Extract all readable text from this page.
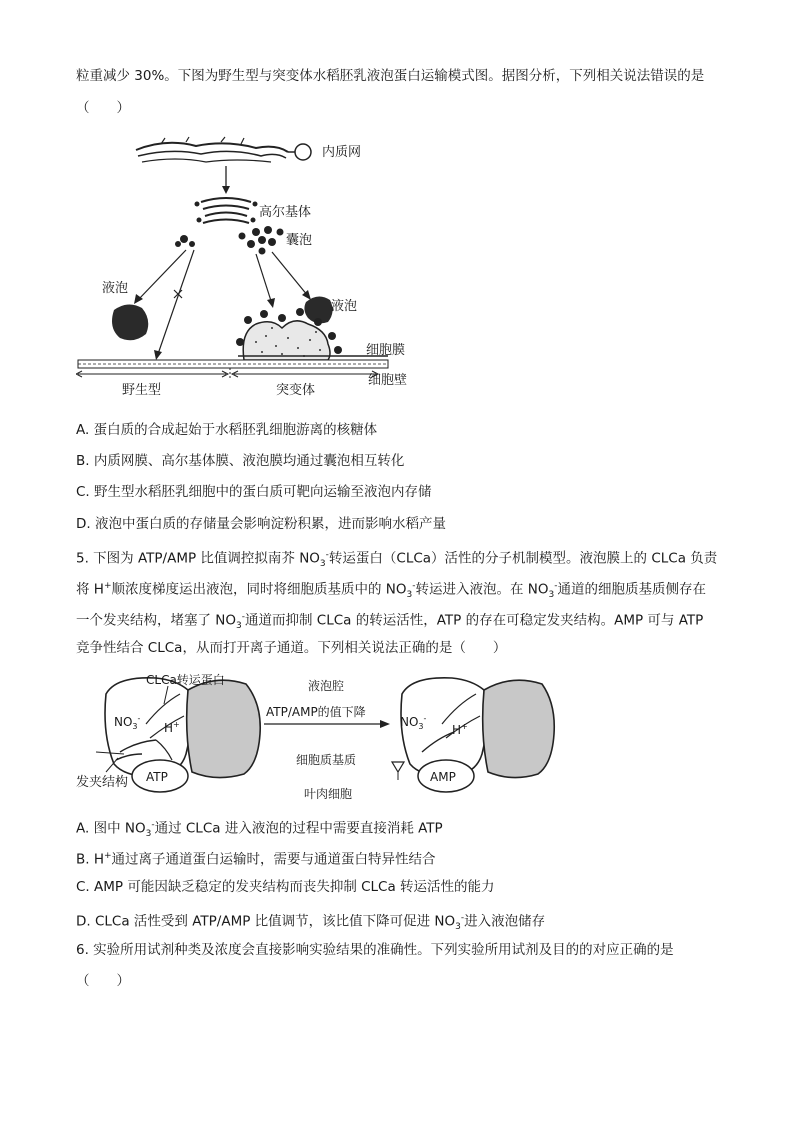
粒重减少 30%。下图为野生型与突变体水稻胚乳液泡蛋白运输模式图。据图分析，下列相关说法错误的是
（　　）
内质网
高尔基体
囊泡
液泡
液泡
细胞膜
野生型	突变体
细胞壁
A. 蛋白质的合成起始于水稻胚乳细胞游离的核糖体
B. 内质网膜、高尔基体膜、液泡膜均通过囊泡相互转化
C. 野生型水稻胚乳细胞中的蛋白质可靶向运输至液泡内存储
D. 液泡中蛋白质的存储量会影响淀粉积累，进而影响水稻产量
5. 下图为 ATP/AMP 比值调控拟南芥 $NO_3^-$转运蛋白（CLCa）活性的分子机制模型。液泡膜上的 CLCa 负责
将 H+顺浓度梯度运出液泡，同时将细胞质基质中的 $NO_3^-$转运进入液泡。在 $NO_3^-$通道的细胞质基质侧存在
一个发夹结构，堵塞了 $NO_3^-$通道而抑制 CLCa 的转运活性，ATP 的存在可稳定发夹结构。AMP 可与 ATP
竞争性结合 CLCa，从而打开离子通道。下列相关说法正确的是（　　）
CLCa转运蛋白
$NO_3^-$
H+
ATP
发夹结构
液泡腔
ATP/AMP的值下降
细胞质基质
叶肉细胞
$NO_3^-$
H+
AMP
A. 图中 $NO_3^-$通过 CLCa 进入液泡的过程中需要直接消耗 ATP
B. H+通过离子通道蛋白运输时，需要与通道蛋白特异性结合
C. AMP 可能因缺乏稳定的发夹结构而丧失抑制 CLCa 转运活性的能力
D. CLCa 活性受到 ATP/AMP 比值调节，该比值下降可促进 $NO_3^-$进入液泡储存
6. 实验所用试剂种类及浓度会直接影响实验结果的准确性。下列实验所用试剂及目的的对应正确的是
（　　）
